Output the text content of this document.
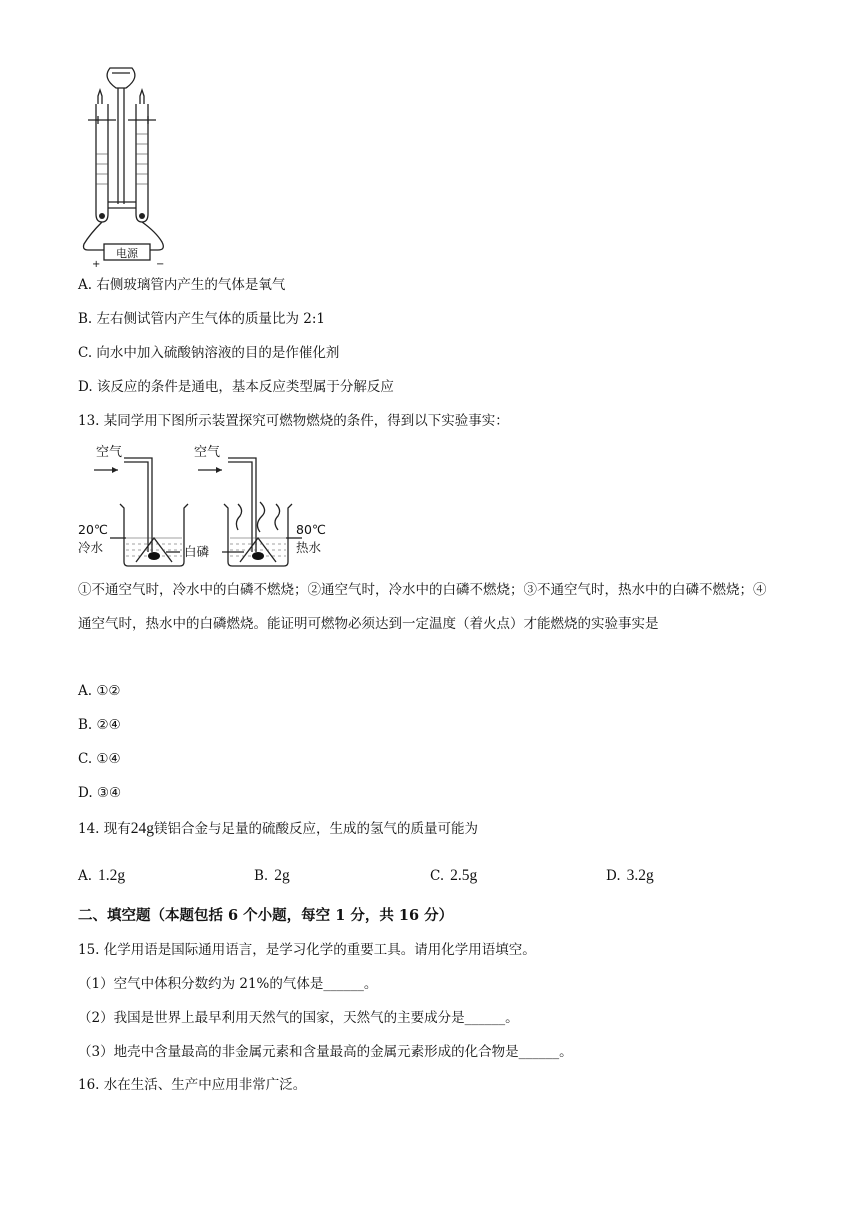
电源
+	−
A. 右侧玻璃管内产生的气体是氧气
B. 左右侧试管内产生气体的质量比为 2:1
C. 向水中加入硫酸钠溶液的目的是作催化剂
D. 该反应的条件是通电，基本反应类型属于分解反应
13. 某同学用下图所示装置探究可燃物燃烧的条件，得到以下实验事实：
空气	空气
20℃
冷水
80℃
热水
白磷
①不通空气时，冷水中的白磷不燃烧；②通空气时，冷水中的白磷不燃烧；③不通空气时，热水中的白磷不燃烧；④通空气时，热水中的白磷燃烧。能证明可燃物必须达到一定温度（着火点）才能燃烧的实验事实是
A. ①②
B. ②④
C. ①④
D. ③④
14. 现有24g镁铝合金与足量的硫酸反应，生成的氢气的质量可能为
A. 1.2g	B. 2g	C. 2.5g	D. 3.2g
二、填空题（本题包括 6 个小题，每空 1 分，共 16 分）
15. 化学用语是国际通用语言，是学习化学的重要工具。请用化学用语填空。
（1）空气中体积分数约为 21%的气体是______。
（2）我国是世界上最早利用天然气的国家，天然气的主要成分是______。
（3）地壳中含量最高的非金属元素和含量最高的金属元素形成的化合物是______。
16. 水在生活、生产中应用非常广泛。
